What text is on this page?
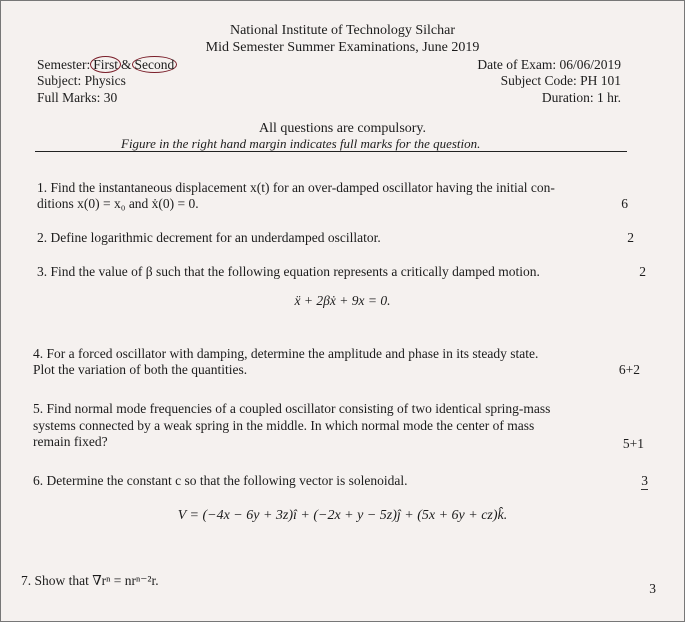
National Institute of Technology Silchar
Mid Semester Summer Examinations, June 2019
Semester: First & Second	Date of Exam: 06/06/2019
Subject: Physics	Subject Code: PH 101
Full Marks: 30	Duration: 1 hr.
All questions are compulsory.
Figure in the right hand margin indicates full marks for the question.
1. Find the instantaneous displacement x(t) for an over-damped oscillator having the initial con-
ditions x(0) = x₀ and ẋ(0) = 0.	6
2. Define logarithmic decrement for an underdamped oscillator.	2
3. Find the value of β such that the following equation represents a critically damped motion.	2
ẍ + 2βẋ + 9x = 0.
4. For a forced oscillator with damping, determine the amplitude and phase in its steady state.
Plot the variation of both the quantities.	6+2
5. Find normal mode frequencies of a coupled oscillator consisting of two identical spring-mass
systems connected by a weak spring in the middle. In which normal mode the center of mass
remain fixed?	5+1
6. Determine the constant c so that the following vector is solenoidal.	3
V = (−4x − 6y + 3z)î + (−2x + y − 5z)ĵ + (5x + 6y + cz)k̂.
7. Show that ∇rⁿ = nrⁿ⁻²r.
3
